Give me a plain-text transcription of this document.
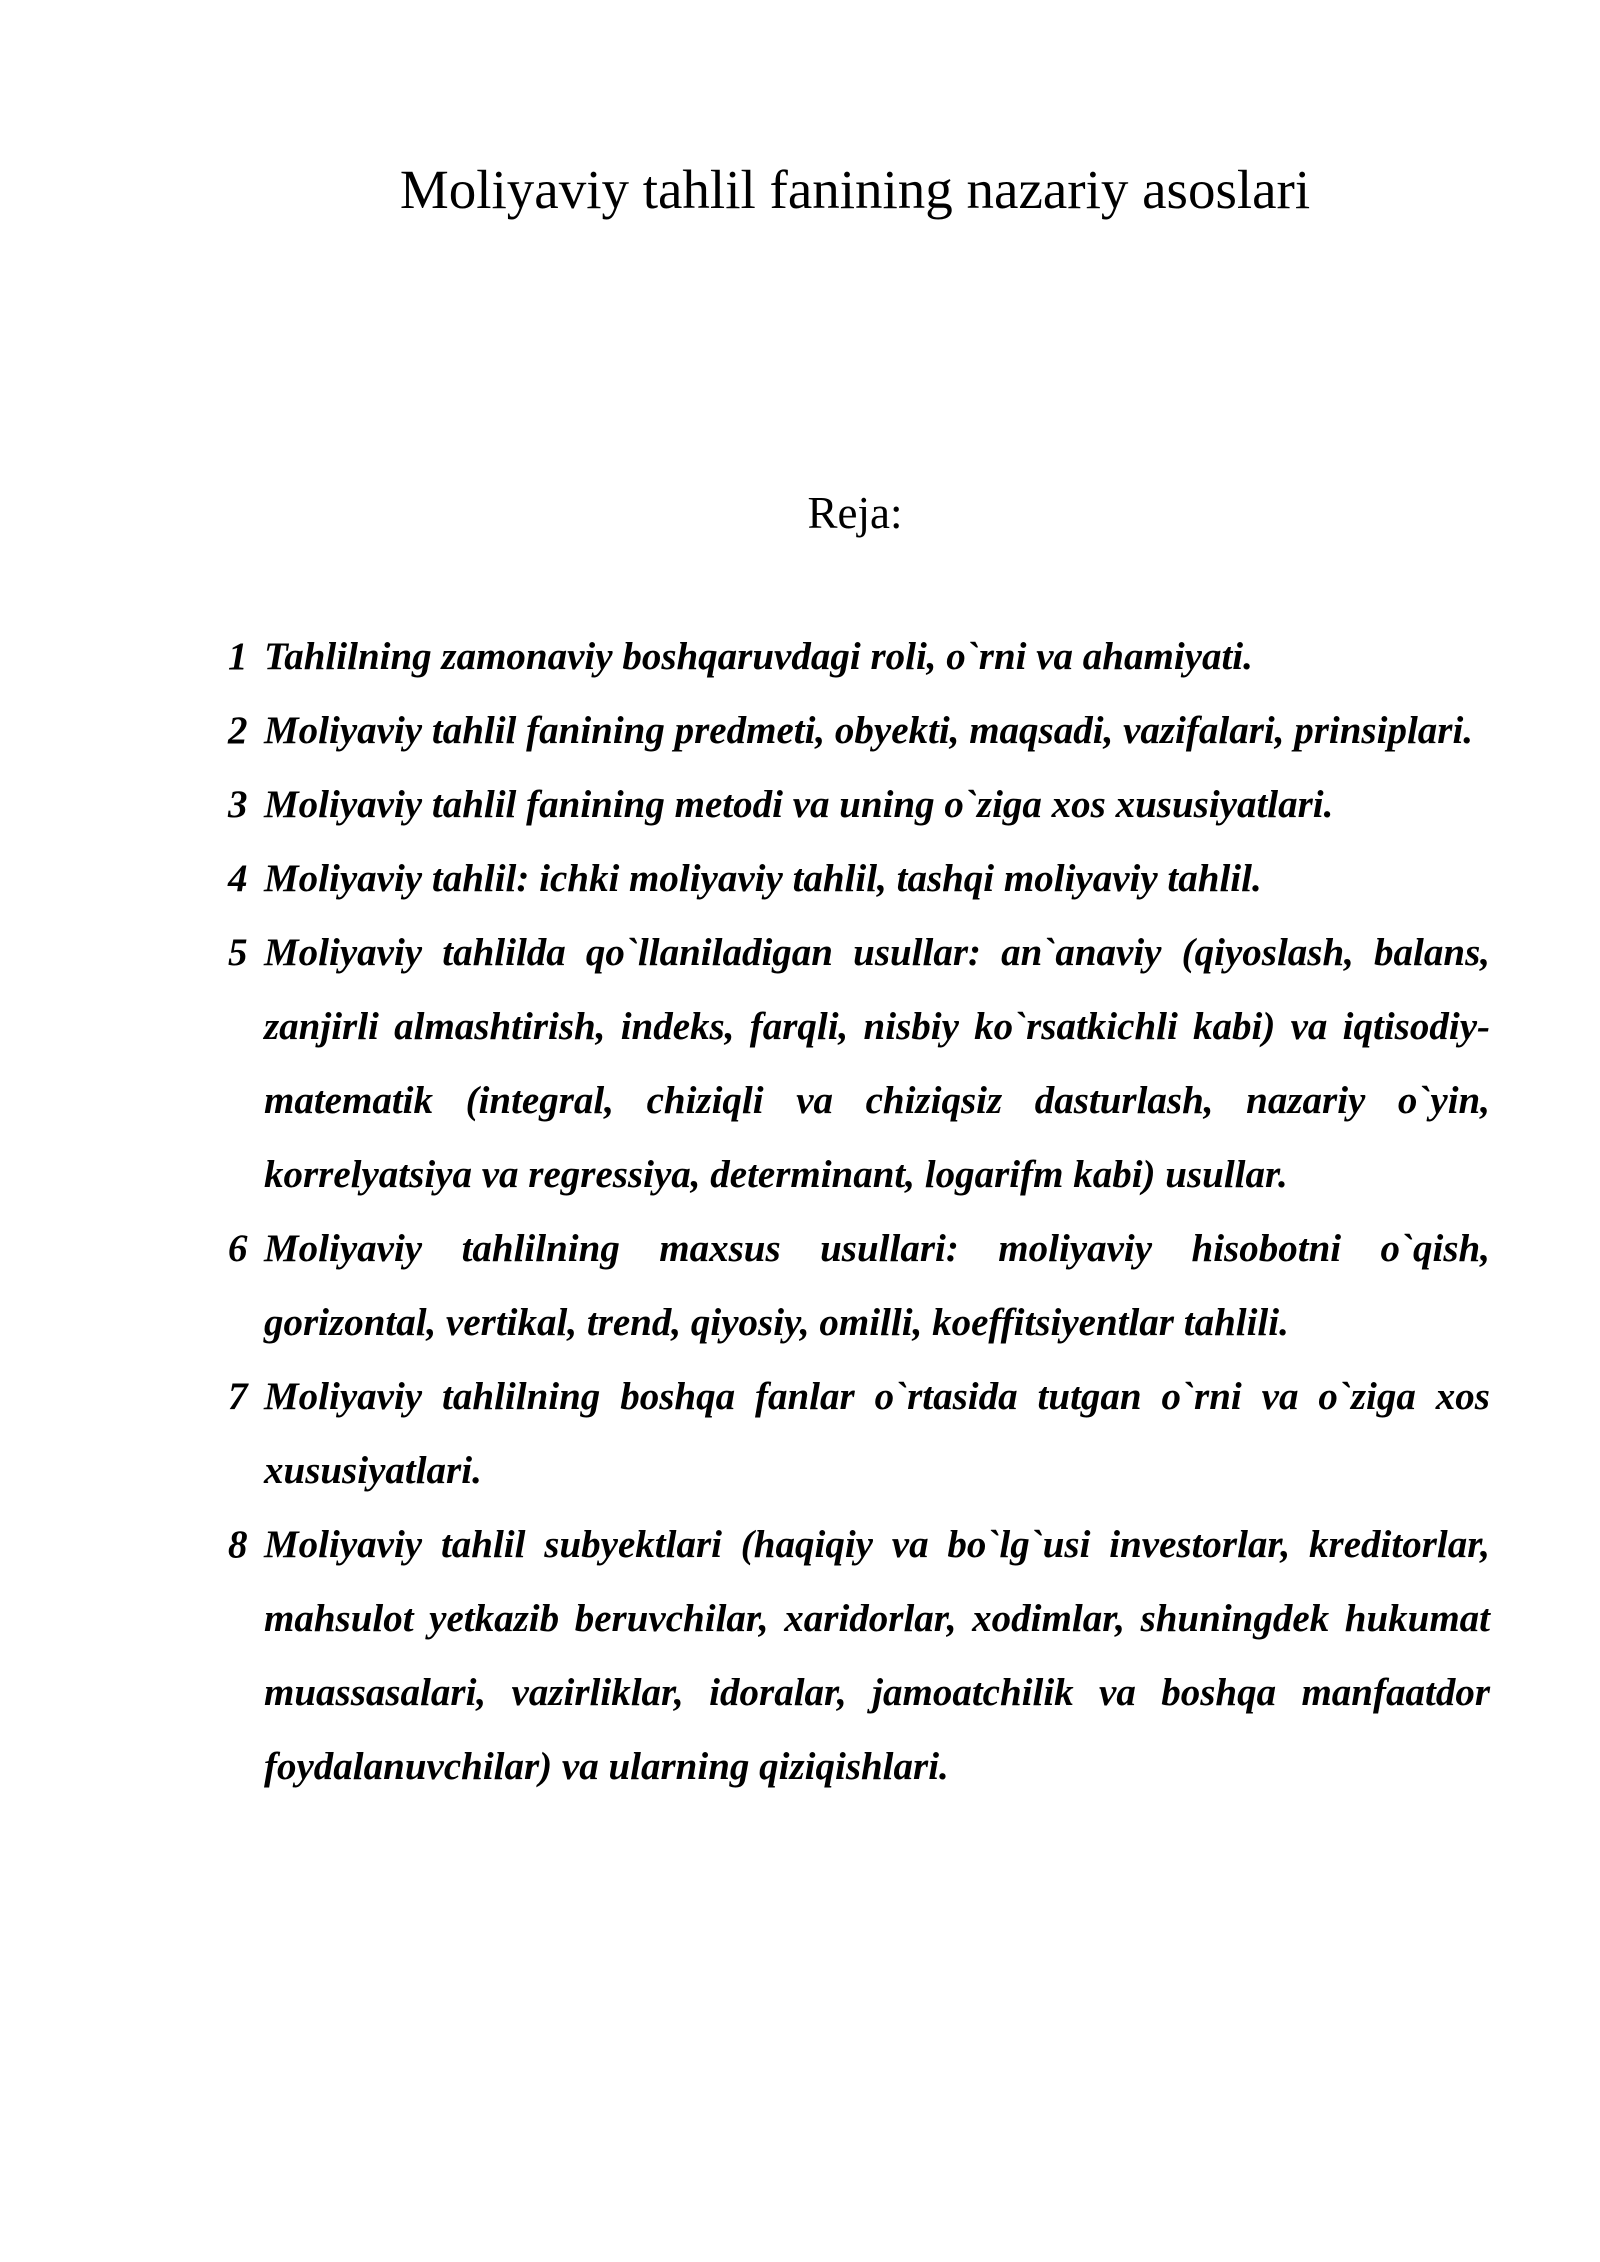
Moliyaviy tahlil fanining nazariy asoslari

Reja:

1 Tahlilning zamonaviy boshqaruvdagi roli, o`rni va ahamiyati.
2 Moliyaviy tahlil fanining predmeti, obyekti, maqsadi, vazifalari, prinsiplari.
3 Moliyaviy tahlil fanining metodi va uning o`ziga xos xususiyatlari.
4 Moliyaviy tahlil: ichki moliyaviy tahlil, tashqi moliyaviy tahlil.
5 Moliyaviy tahlilda qo`llaniladigan usullar: an`anaviy (qiyoslash, balans, zanjirli almashtirish, indeks, farqli, nisbiy ko`rsatkichli kabi) va iqtisodiy-matematik (integral, chiziqli va chiziqsiz dasturlash, nazariy o`yin, korrelyatsiya va regressiya, determinant, logarifm kabi) usullar.
6 Moliyaviy tahlilning maxsus usullari: moliyaviy hisobotni o`qish, gorizontal, vertikal, trend, qiyosiy, omilli, koeffitsiyentlar tahlili.
7 Moliyaviy tahlilning boshqa fanlar o`rtasida tutgan o`rni va o`ziga xos xususiyatlari.
8 Moliyaviy tahlil subyektlari (haqiqiy va bo`lg`usi investorlar, kreditorlar, mahsulot yetkazib beruvchilar, xaridorlar, xodimlar, shuningdek hukumat muassasalari, vazirliklar, idoralar, jamoatchilik va boshqa manfaatdor foydalanuvchilar) va ularning qiziqishlari.
